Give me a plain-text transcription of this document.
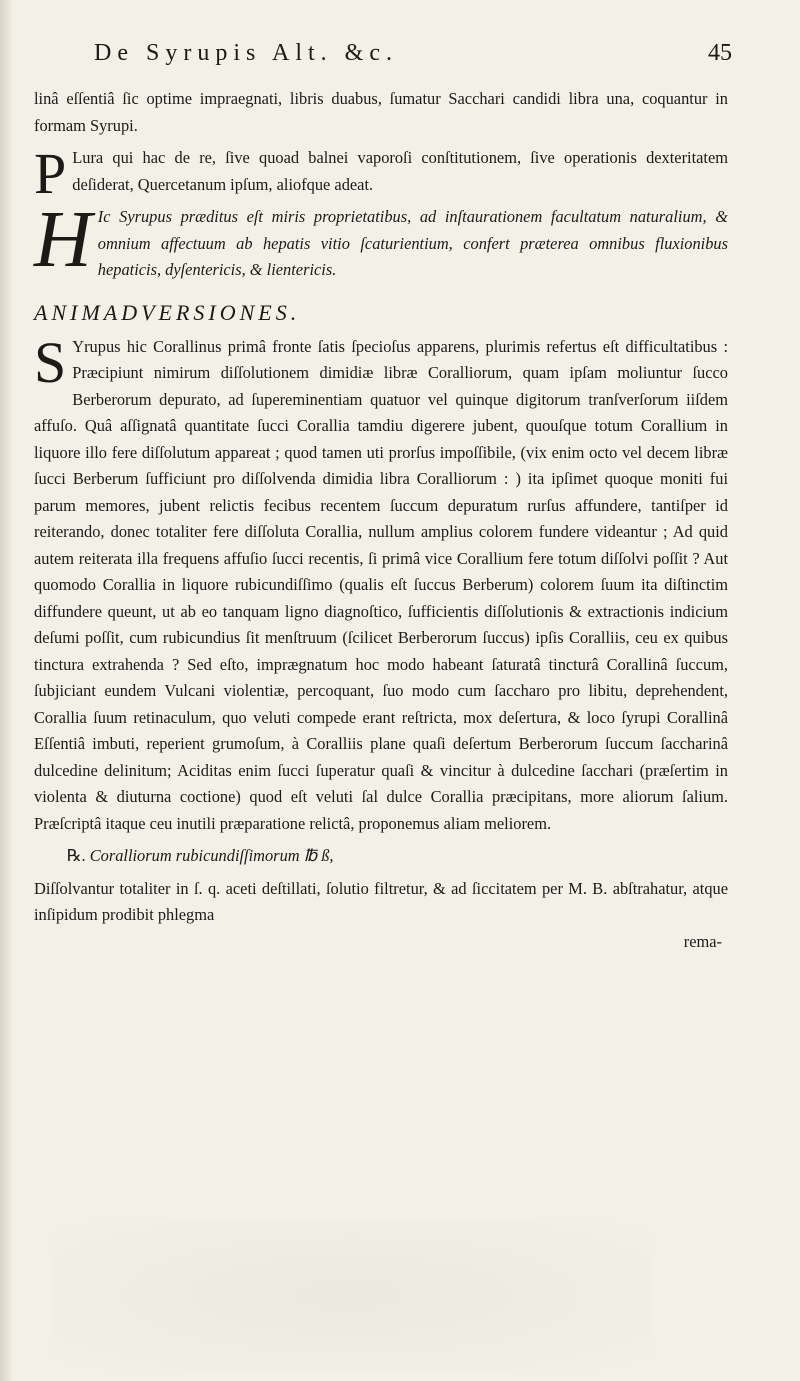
De Syrupis Alt. &c.	45

linâ eſſentiâ ſic optime impraegnati, libris duabus, ſumatur Sacchari candidi libra una, coquantur in formam Syrupi.

P Lura qui hac de re, ſive quoad balnei vaporoſi conſtitutionem, ſive operationis dexteritatem deſiderat, Quercetanum ipſum, aliofque adeat.

H Ic Syrupus præditus eſt miris proprietatibus, ad inſtaurationem facultatum naturalium, & omnium affectuum ab hepatis vitio ſcaturientium, confert præterea omnibus fluxionibus hepaticis, dyſentericis, & lientericis.

ANIMADVERSIONES.

S Yrupus hic Corallinus primâ fronte ſatis ſpecioſus apparens, plurimis refertus eſt difficultatibus : Præcipiunt nimirum diſſolutionem dimidiæ libræ Coralliorum, quam ipſam moliuntur ſucco Berberorum depurato, ad ſupereminentiam quatuor vel quinque digitorum tranſverſorum iiſdem affuſo. Quâ aſſignatâ quantitate ſucci Corallia tamdiu digerere jubent, quouſque totum Corallium in liquore illo fere diſſolutum appareat ; quod tamen uti prorſus impoſſibile, (vix enim octo vel decem libræ ſucci Berberum ſufficiunt pro diſſolvenda dimidia libra Coralliorum : ) ita ipſimet quoque moniti fui parum memores, jubent relictis fecibus recentem ſuccum depuratum rurſus affundere, tantiſper id reiterando, donec totaliter fere diſſoluta Corallia, nullum amplius colorem fundere videantur ; Ad quid autem reiterata illa frequens affuſio ſucci recentis, ſi primâ vice Corallium fere totum diſſolvi poſſit ? Aut quomodo Corallia in liquore rubicundiſſimo (qualis eſt ſuccus Berberum) colorem ſuum ita diſtinctim diffundere queunt, ut ab eo tanquam ligno diagnoſtico, ſufficientis diſſolutionis & extractionis indicium deſumi poſſit, cum rubicundius ſit menſtruum (ſcilicet Berberorum ſuccus) ipſis Coralliis, ceu ex quibus tinctura extrahenda ? Sed eſto, imprægnatum hoc modo habeant ſaturatâ tincturâ Corallinâ ſuccum, ſubjiciant eundem Vulcani violentiæ, percoquant, ſuo modo cum ſaccharo pro libitu, deprehendent, Corallia ſuum retinaculum, quo veluti compede erant reſtricta, mox deſertura, & loco ſyrupi Corallinâ Eſſentiâ imbuti, reperient grumoſum, à Coralliis plane quaſi deſertum Berberorum ſuccum ſaccharinâ dulcedine delinitum; Aciditas enim ſucci ſuperatur quaſi & vincitur à dulcedine ſacchari (præſertim in violenta & diuturna coctione) quod eſt veluti ſal dulce Corallia præcipitans, more aliorum ſalium. Præſcriptâ itaque ceu inutili præparatione relictâ, proponemus aliam meliorem.

℞. Coralliorum rubicundiſſimorum ℔ ß,

Diſſolvantur totaliter in ſ. q. aceti deſtillati, ſolutio filtretur, & ad ſiccitatem per M. B. abſtrahatur, atque inſipidum prodibit phlegma

rema-
